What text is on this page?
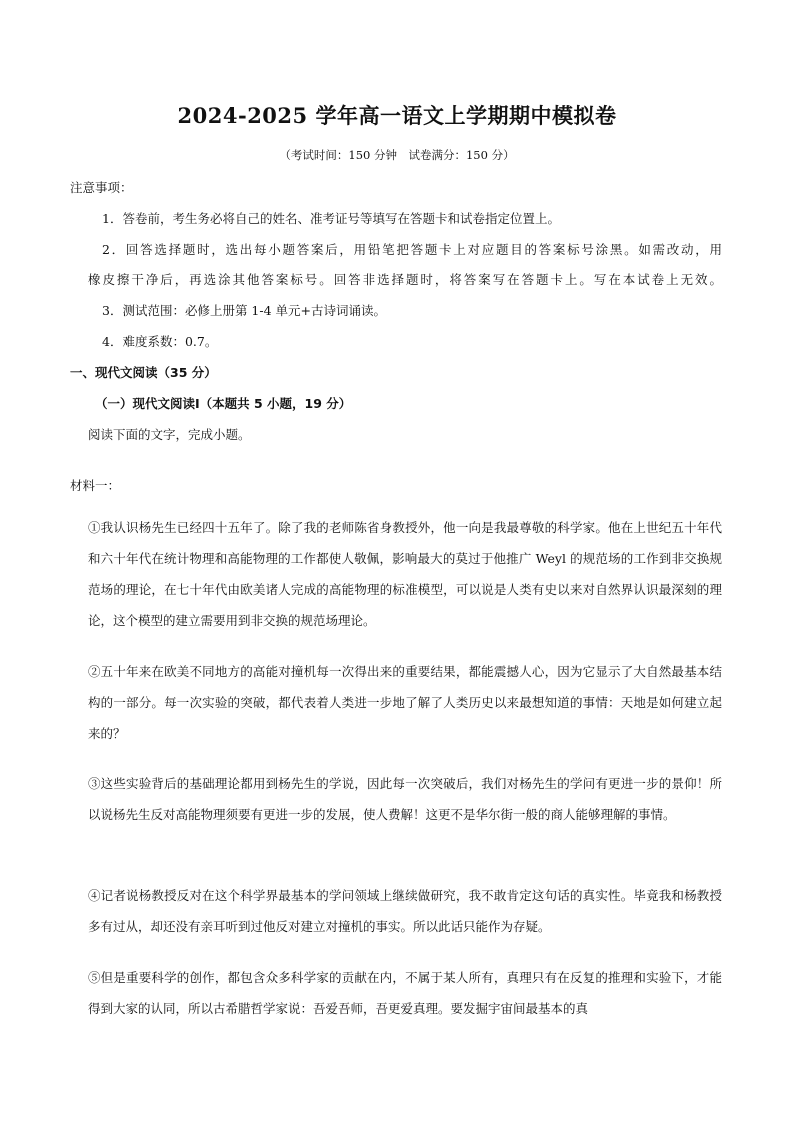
2024-2025 学年高一语文上学期期中模拟卷
（考试时间：150 分钟　试卷满分：150 分）
注意事项：
1．答卷前，考生务必将自己的姓名、准考证号等填写在答题卡和试卷指定位置上。
2．回答选择题时，选出每小题答案后，用铅笔把答题卡上对应题目的答案标号涂黑。如需改动，用
橡皮擦干净后，再选涂其他答案标号。回答非选择题时，将答案写在答题卡上。写在本试卷上无效。
3．测试范围：必修上册第 1-4 单元+古诗词诵读。
4．难度系数：0.7。
一、现代文阅读（35 分）
（一）现代文阅读Ⅰ（本题共 5 小题，19 分）
阅读下面的文字，完成小题。
材料一：
①我认识杨先生已经四十五年了。除了我的老师陈省身教授外，他一向是我最尊敬的科学家。他在上世纪五十年代和六十年代在统计物理和高能物理的工作都使人敬佩，影响最大的莫过于他推广 Weyl 的规范场的工作到非交换规范场的理论，在七十年代由欧美诸人完成的高能物理的标准模型，可以说是人类有史以来对自然界认识最深刻的理论，这个模型的建立需要用到非交换的规范场理论。
②五十年来在欧美不同地方的高能对撞机每一次得出来的重要结果，都能震撼人心，因为它显示了大自然最基本结构的一部分。每一次实验的突破，都代表着人类进一步地了解了人类历史以来最想知道的事情：天地是如何建立起来的？
③这些实验背后的基础理论都用到杨先生的学说，因此每一次突破后，我们对杨先生的学问有更进一步的景仰！所以说杨先生反对高能物理须要有更进一步的发展，使人费解！这更不是华尔街一般的商人能够理解的事情。
④记者说杨教授反对在这个科学界最基本的学问领域上继续做研究，我不敢肯定这句话的真实性。毕竟我和杨教授多有过从，却还没有亲耳听到过他反对建立对撞机的事实。所以此话只能作为存疑。
⑤但是重要科学的创作，都包含众多科学家的贡献在内，不属于某人所有，真理只有在反复的推理和实验下，才能得到大家的认同，所以古希腊哲学家说：吾爱吾师，吾更爱真理。要发掘宇宙间最基本的真
